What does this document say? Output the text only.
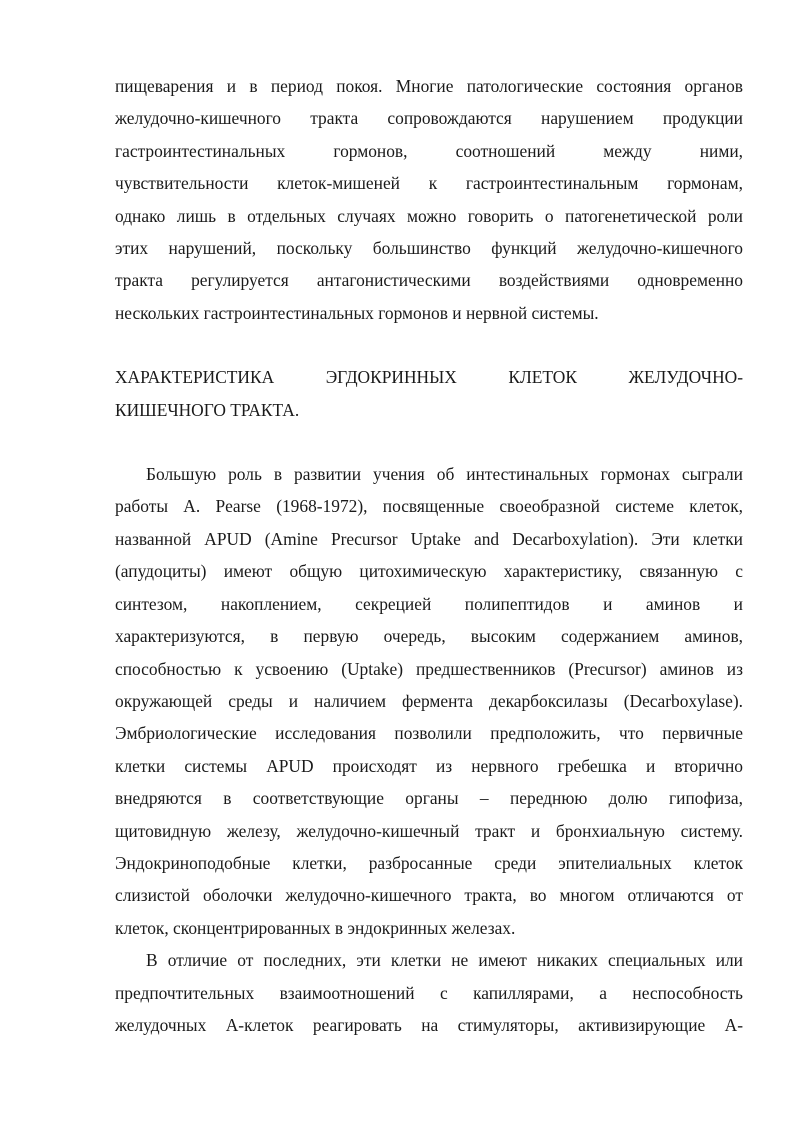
пищеварения и в период покоя. Многие патологические состояния органов
желудочно-кишечного тракта сопровождаются нарушением продукции
гастроинтестинальных гормонов, соотношений между ними,
чувствительности клеток-мишеней к гастроинтестинальным гормонам,
однако лишь в отдельных случаях можно говорить о патогенетической роли
этих нарушений, поскольку большинство функций желудочно-кишечного
тракта регулируется антагонистическими воздействиями одновременно
нескольких гастроинтестинальных гормонов и нервной системы.

ХАРАКТЕРИСТИКА ЭГДОКРИННЫХ КЛЕТОК ЖЕЛУДОЧНО-
КИШЕЧНОГО ТРАКТА.

Большую роль в развитии учения об интестинальных гормонах сыграли
работы A. Pearse (1968-1972), посвященные своеобразной системе клеток,
названной APUD (Amine Precursor Uptake and Decarboxylation). Эти клетки
(апудоциты) имеют общую цитохимическую характеристику, связанную с
синтезом, накоплением, секрецией полипептидов и аминов и
характеризуются, в первую очередь, высоким содержанием аминов,
способностью к усвоению (Uptake) предшественников (Precursor) аминов из
окружающей среды и наличием фермента декарбоксилазы (Decarboxylase).
Эмбриологические исследования позволили предположить, что первичные
клетки системы APUD происходят из нервного гребешка и вторично
внедряются в соответствующие органы – переднюю долю гипофиза,
щитовидную железу, желудочно-кишечный тракт и бронхиальную систему.
Эндокриноподобные клетки, разбросанные среди эпителиальных клеток
слизистой оболочки желудочно-кишечного тракта, во многом отличаются от
клеток, сконцентрированных в эндокринных железах.

В отличие от последних, эти клетки не имеют никаких специальных или
предпочтительных взаимоотношений с капиллярами, а неспособность
желудочных А-клеток реагировать на стимуляторы, активизирующие А-
